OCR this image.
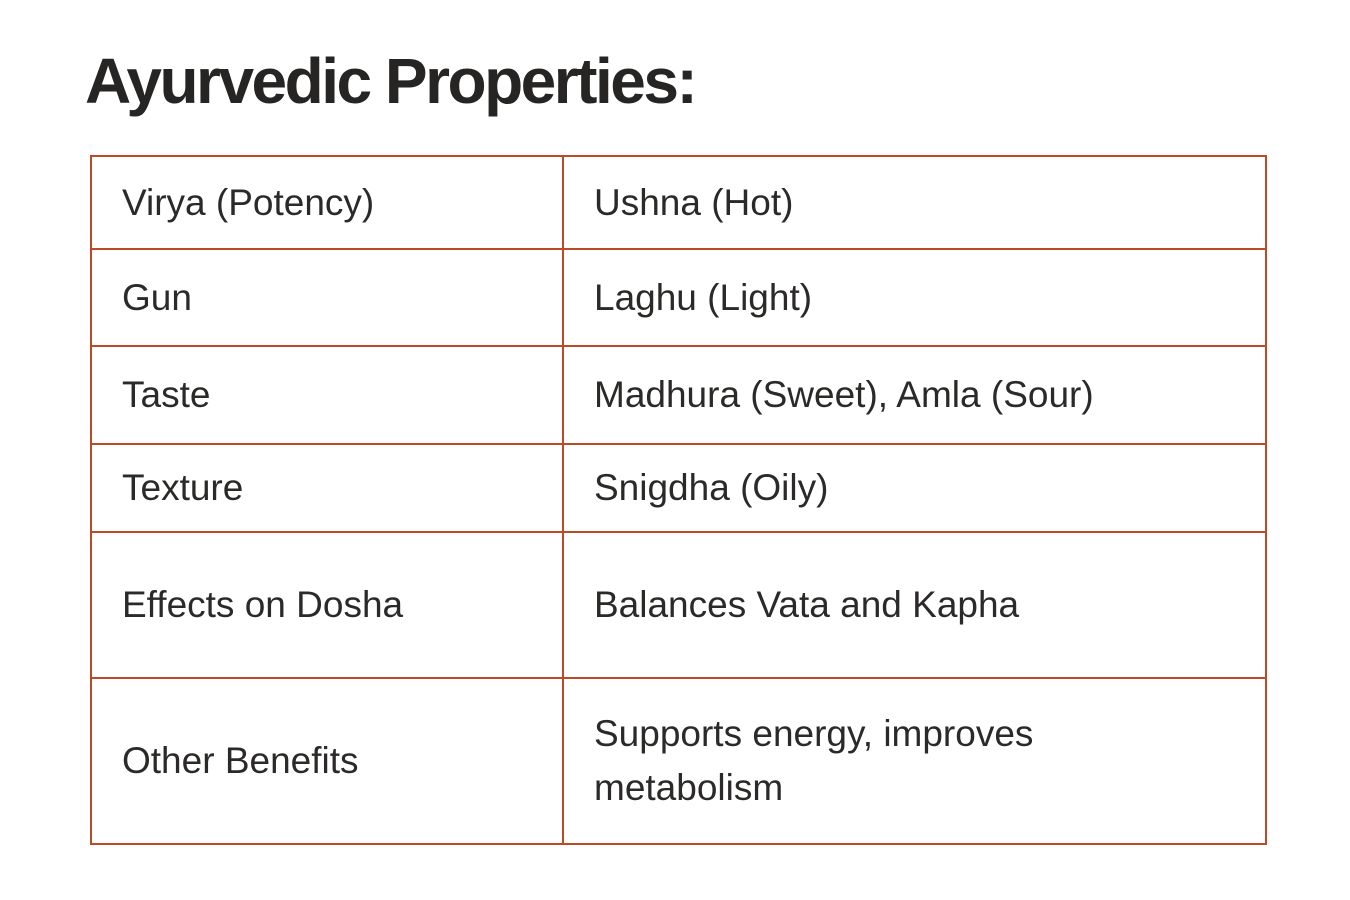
Ayurvedic Properties:
Virya (Potency)	Ushna (Hot)
Gun	Laghu (Light)
Taste	Madhura (Sweet), Amla (Sour)
Texture	Snigdha (Oily)
Effects on Dosha	Balances Vata and Kapha
Other Benefits	Supports energy, improves metabolism
